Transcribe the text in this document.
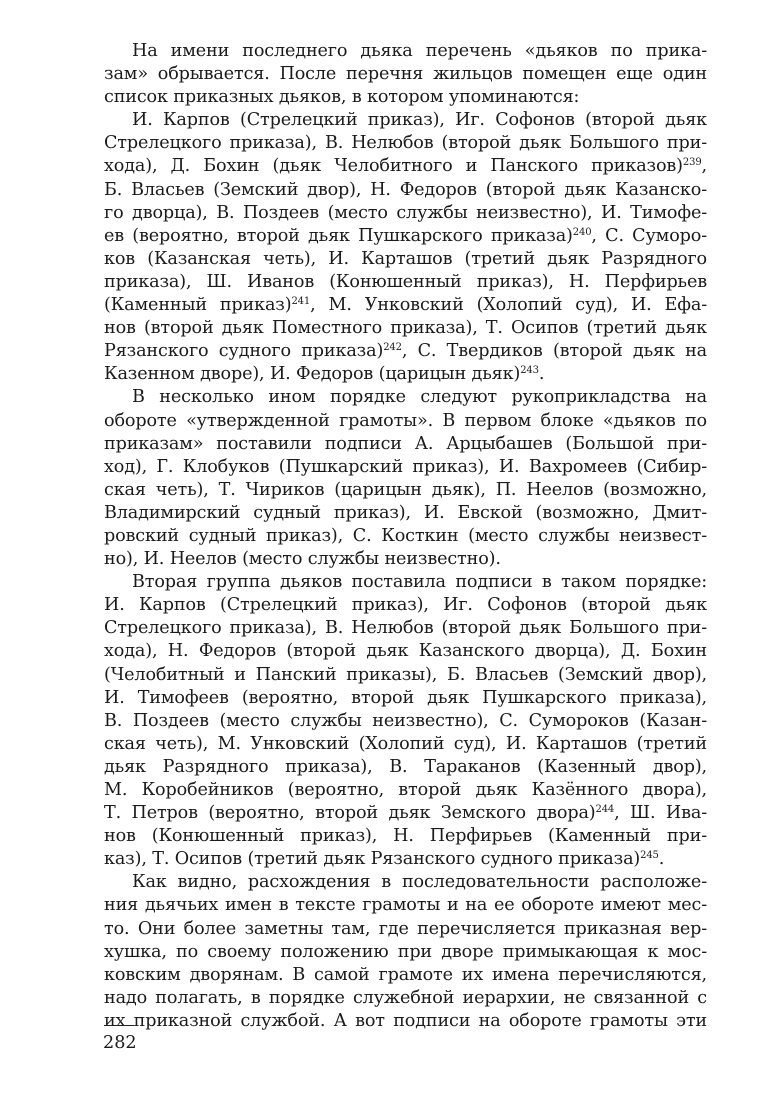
На имени последнего дьяка перечень «дьяков по прика-
зам» обрывается. После перечня жильцов помещен еще один
список приказных дьяков, в котором упоминаются:
И. Карпов (Стрелецкий приказ), Иг. Софонов (второй дьяк
Стрелецкого приказа), В. Нелюбов (второй дьяк Большого при-
хода), Д. Бохин (дьяк Челобитного и Панского приказов)$^{239}$,
Б. Власьев (Земский двор), Н. Федоров (второй дьяк Казанско-
го дворца), В. Поздеев (место службы неизвестно), И. Тимофе-
ев (вероятно, второй дьяк Пушкарского приказа)$^{240}$, С. Суморо-
ков (Казанская четь), И. Карташов (третий дьяк Разрядного
приказа), Ш. Иванов (Конюшенный приказ), Н. Перфирьев
(Каменный приказ)$^{241}$, М. Унковский (Холопий суд), И. Ефа-
нов (второй дьяк Поместного приказа), Т. Осипов (третий дьяк
Рязанского судного приказа)$^{242}$, С. Твердиков (второй дьяк на
Казенном дворе), И. Федоров (царицын дьяк)$^{243}$.
В несколько ином порядке следуют рукоприкладства на
обороте «утвержденной грамоты». В первом блоке «дьяков по
приказам» поставили подписи А. Арцыбашев (Большой при-
ход), Г. Клобуков (Пушкарский приказ), И. Вахромеев (Сибир-
ская четь), Т. Чириков (царицын дьяк), П. Неелов (возможно,
Владимирский судный приказ), И. Евской (возможно, Дмит-
ровский судный приказ), С. Косткин (место службы неизвест-
но), И. Неелов (место службы неизвестно).
Вторая группа дьяков поставила подписи в таком порядке:
И. Карпов (Стрелецкий приказ), Иг. Софонов (второй дьяк
Стрелецкого приказа), В. Нелюбов (второй дьяк Большого при-
хода), Н. Федоров (второй дьяк Казанского дворца), Д. Бохин
(Челобитный и Панский приказы), Б. Власьев (Земский двор),
И. Тимофеев (вероятно, второй дьяк Пушкарского приказа),
В. Поздеев (место службы неизвестно), С. Сумороков (Казан-
ская четь), М. Унковский (Холопий суд), И. Карташов (третий
дьяк Разрядного приказа), В. Тараканов (Казенный двор),
М. Коробейников (вероятно, второй дьяк Казённого двора),
Т. Петров (вероятно, второй дьяк Земского двора)$^{244}$, Ш. Ива-
нов (Конюшенный приказ), Н. Перфирьев (Каменный при-
каз), Т. Осипов (третий дьяк Рязанского судного приказа)$^{245}$.
Как видно, расхождения в последовательности расположе-
ния дьячьих имен в тексте грамоты и на ее обороте имеют мес-
то. Они более заметны там, где перечисляется приказная вер-
хушка, по своему положению при дворе примыкающая к мос-
ковским дворянам. В самой грамоте их имена перечисляются,
надо полагать, в порядке служебной иерархии, не связанной с
их приказной службой. А вот подписи на обороте грамоты эти
282
